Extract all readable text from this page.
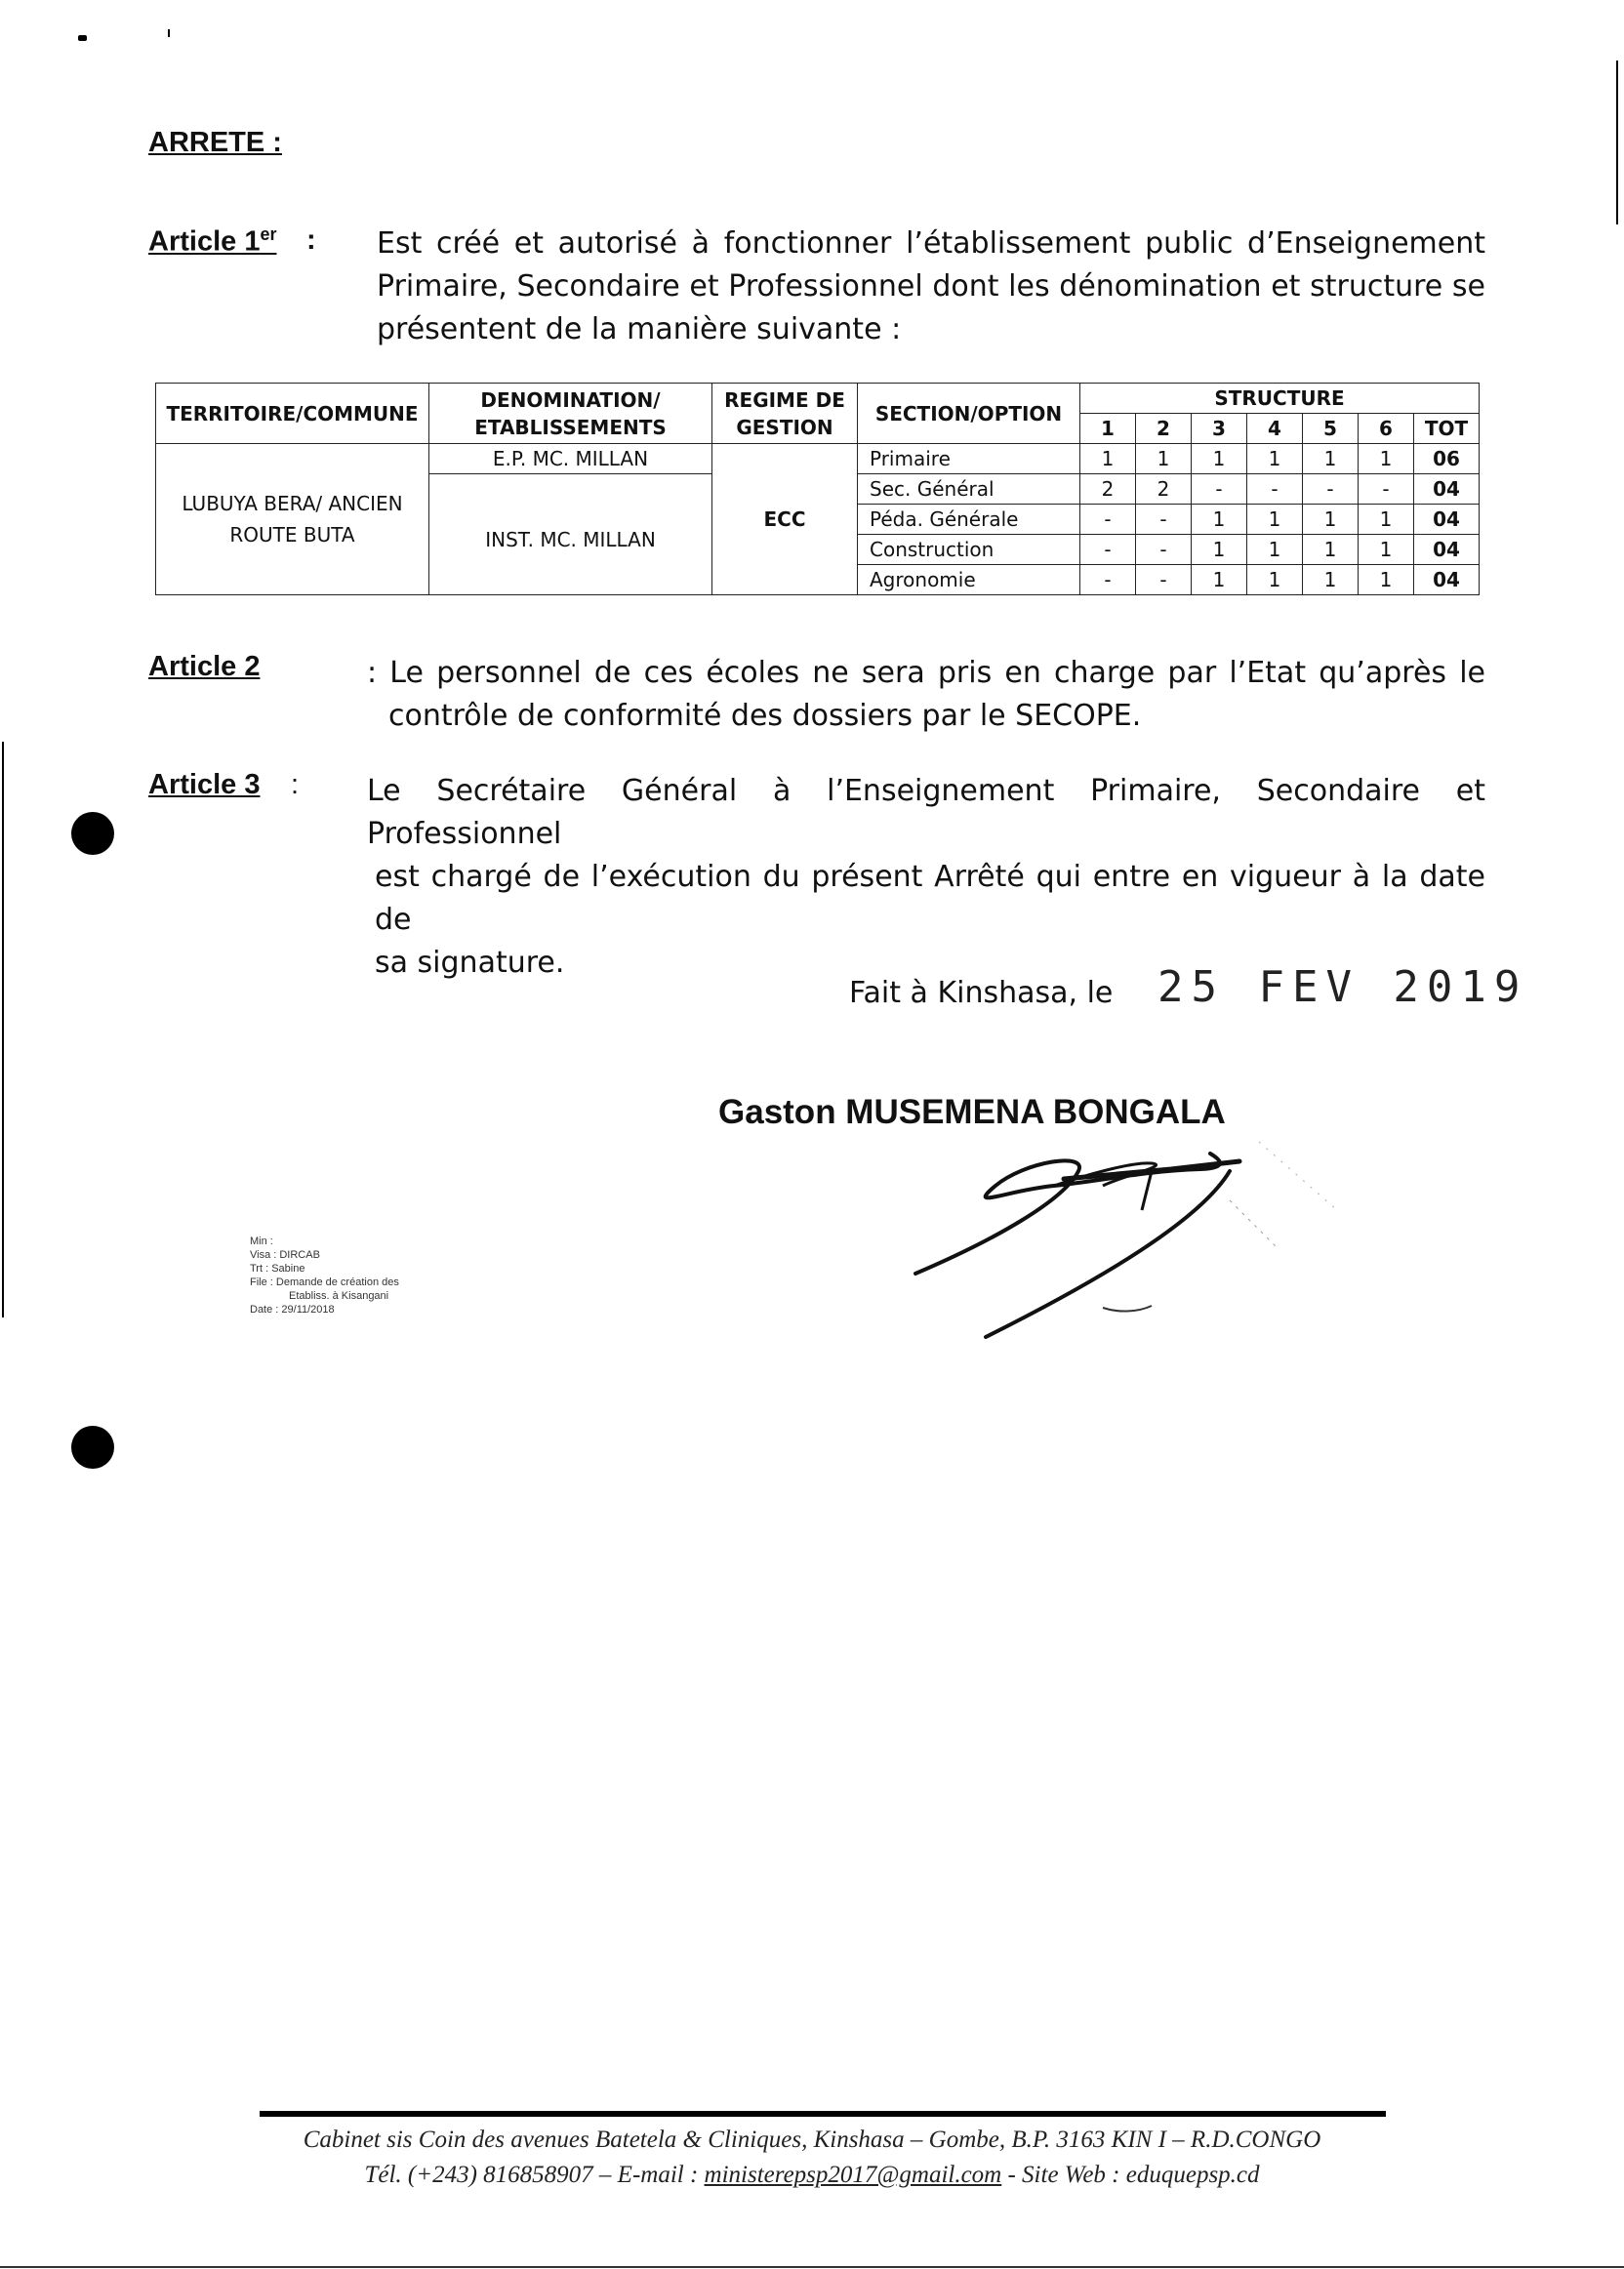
ARRETE :
Article 1er : Est créé et autorisé à fonctionner l’établissement public d’Enseignement

Primaire, Secondaire et Professionnel dont les dénomination et structure se

présentent de la manière suivante :

TERRITOIRE/COMMUNE	DENOMINATION/ ETABLISSEMENTS	REGIME DE GESTION	SECTION/OPTION	STRUCTURE						
				1	2	3	4	5	6	TOT
LUBUYA BERA/ ANCIEN ROUTE BUTA	E.P. MC. MILLAN	ECC	Primaire	1	1	1	1	1	1	06
	INST. MC. MILLAN		Sec. Général	2	2	-	-	-	-	04
			Péda. Générale	-	-	1	1	1	1	04
			Construction	-	-	1	1	1	1	04
			Agronomie	-	-	1	1	1	1	04
Article 2	: Le personnel de ces écoles ne sera pris en charge par l’Etat qu’après le

contrôle de conformité des dossiers par le SECOPE.

Article 3 : Le Secrétaire Général à l’Enseignement Primaire, Secondaire et Professionnel

est chargé de l’exécution du présent Arrêté qui entre en vigueur à la date de

sa signature.

Fait à Kinshasa, le 25 FEV 2019
Gaston MUSEMENA BONGALA
Min :
Visa : DIRCAB
Trt : Sabine
File : Demande de création des
Etabliss. à Kisangani
Date : 29/11/2018
Cabinet sis Coin des avenues Batetela & Cliniques, Kinshasa – Gombe, B.P. 3163 KIN I – R.D.CONGO
Tél. (+243) 816858907 – E-mail : ministerepsp2017@gmail.com - Site Web : eduquepsp.cd
